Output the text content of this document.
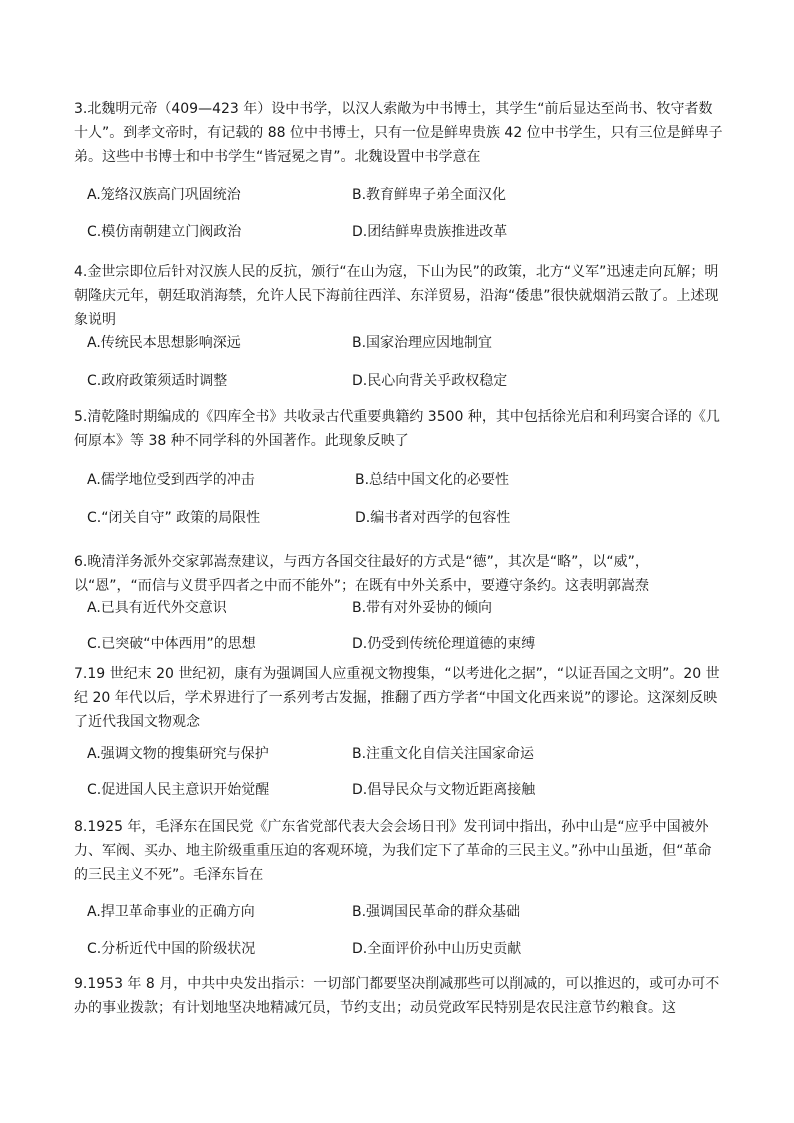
3.北魏明元帝（409—423 年）设中书学，以汉人索敞为中书博士，其学生“前后显达至尚书、牧守者数十人”。到孝文帝时，有记载的 88 位中书博士，只有一位是鲜卑贵族 42 位中书学生，只有三位是鲜卑子弟。这些中书博士和中书学生“皆冠冕之胄”。北魏设置中书学意在

A.笼络汉族高门巩固统治	B.教育鲜卑子弟全面汉化
C.模仿南朝建立门阀政治	D.团结鲜卑贵族推进改革

4.金世宗即位后针对汉族人民的反抗，颁行“在山为寇，下山为民”的政策，北方“义军”迅速走向瓦解；明朝隆庆元年，朝廷取消海禁，允许人民下海前往西洋、东洋贸易，沿海“倭患”很快就烟消云散了。上述现象说明

A.传统民本思想影响深远	B.国家治理应因地制宜
C.政府政策须适时调整	D.民心向背关乎政权稳定

5.清乾隆时期编成的《四库全书》共收录古代重要典籍约 3500 种，其中包括徐光启和利玛窦合译的《几何原本》等 38 种不同学科的外国著作。此现象反映了

A.儒学地位受到西学的冲击	B.总结中国文化的必要性
C.“闭关自守” 政策的局限性	D.编书者对西学的包容性

6.晚清洋务派外交家郭嵩焘建议，与西方各国交往最好的方式是“德”，其次是“略”，以“威”，以“恩”，“而信与义贯乎四者之中而不能外”；在既有中外关系中，要遵守条约。这表明郭嵩焘

A.已具有近代外交意识	B.带有对外妥协的倾向
C.已突破“中体西用”的思想	D.仍受到传统伦理道德的束缚

7.19 世纪末 20 世纪初，康有为强调国人应重视文物搜集，“以考进化之据”，“以证吾国之文明”。20 世纪 20 年代以后，学术界进行了一系列考古发掘，推翻了西方学者“中国文化西来说”的谬论。这深刻反映了近代我国文物观念

A.强调文物的搜集研究与保护	B.注重文化自信关注国家命运
C.促进国人民主意识开始觉醒	D.倡导民众与文物近距离接触

8.1925 年，毛泽东在国民党《广东省党部代表大会会场日刊》发刊词中指出，孙中山是“应乎中国被外力、军阀、买办、地主阶级重重压迫的客观环境，为我们定下了革命的三民主义。”孙中山虽逝，但“革命的三民主义不死”。毛泽东旨在

A.捍卫革命事业的正确方向	B.强调国民革命的群众基础
C.分析近代中国的阶级状况	D.全面评价孙中山历史贡献

9.1953 年 8 月，中共中央发出指示：一切部门都要坚决削减那些可以削减的，可以推迟的，或可办可不办的事业拨款；有计划地坚决地精减冗员，节约支出；动员党政军民特别是农民注意节约粮食。这
